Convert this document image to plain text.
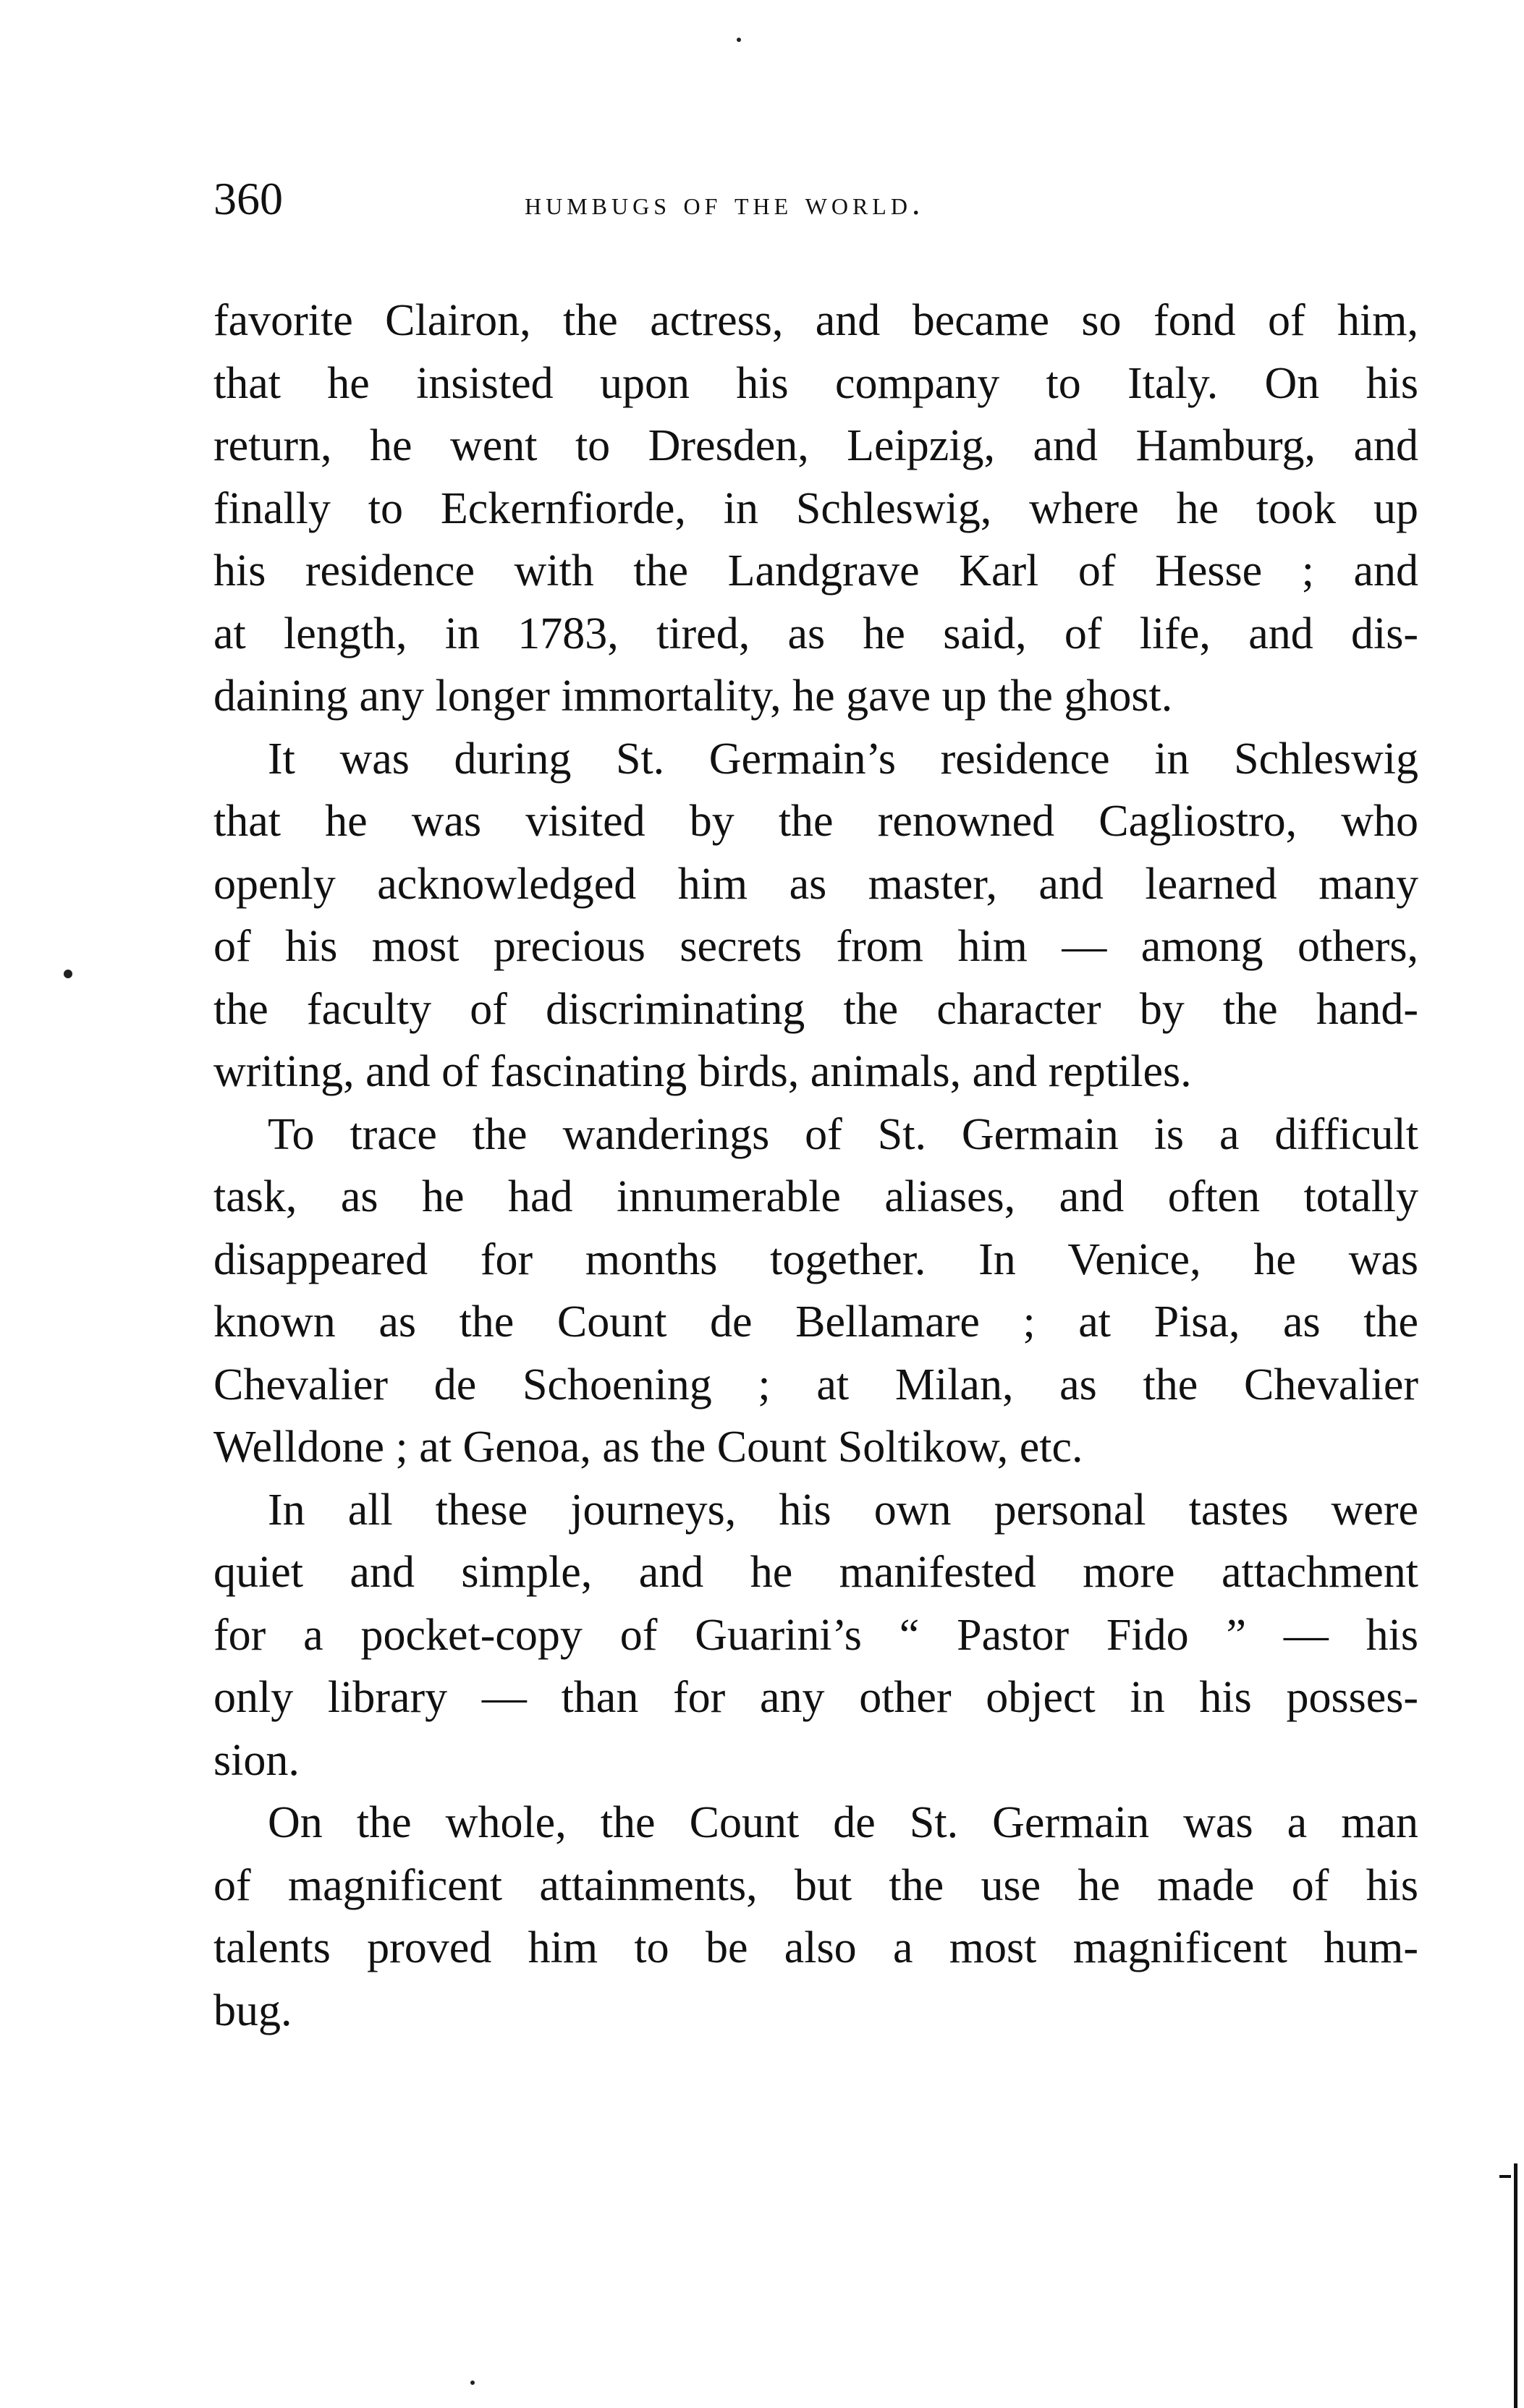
360	humbugs of the world.

favorite Clairon, the actress, and became so fond of him,
that he insisted upon his company to Italy. On his
return, he went to Dresden, Leipzig, and Hamburg, and
finally to Eckernfiorde, in Schleswig, where he took up
his residence with the Landgrave Karl of Hesse ; and
at length, in 1783, tired, as he said, of life, and dis-
daining any longer immortality, he gave up the ghost.

It was during St. Germain’s residence in Schleswig
that he was visited by the renowned Cagliostro, who
openly acknowledged him as master, and learned many
of his most precious secrets from him — among others,
the faculty of discriminating the character by the hand-
writing, and of fascinating birds, animals, and reptiles.

To trace the wanderings of St. Germain is a difficult
task, as he had innumerable aliases, and often totally
disappeared for months together. In Venice, he was
known as the Count de Bellamare ; at Pisa, as the
Chevalier de Schoening ; at Milan, as the Chevalier
Welldone ; at Genoa, as the Count Soltikow, etc.

In all these journeys, his own personal tastes were
quiet and simple, and he manifested more attachment
for a pocket-copy of Guarini’s “ Pastor Fido ” — his
only library — than for any other object in his posses-
sion.

On the whole, the Count de St. Germain was a man
of magnificent attainments, but the use he made of his
talents proved him to be also a most magnificent hum-
bug.
